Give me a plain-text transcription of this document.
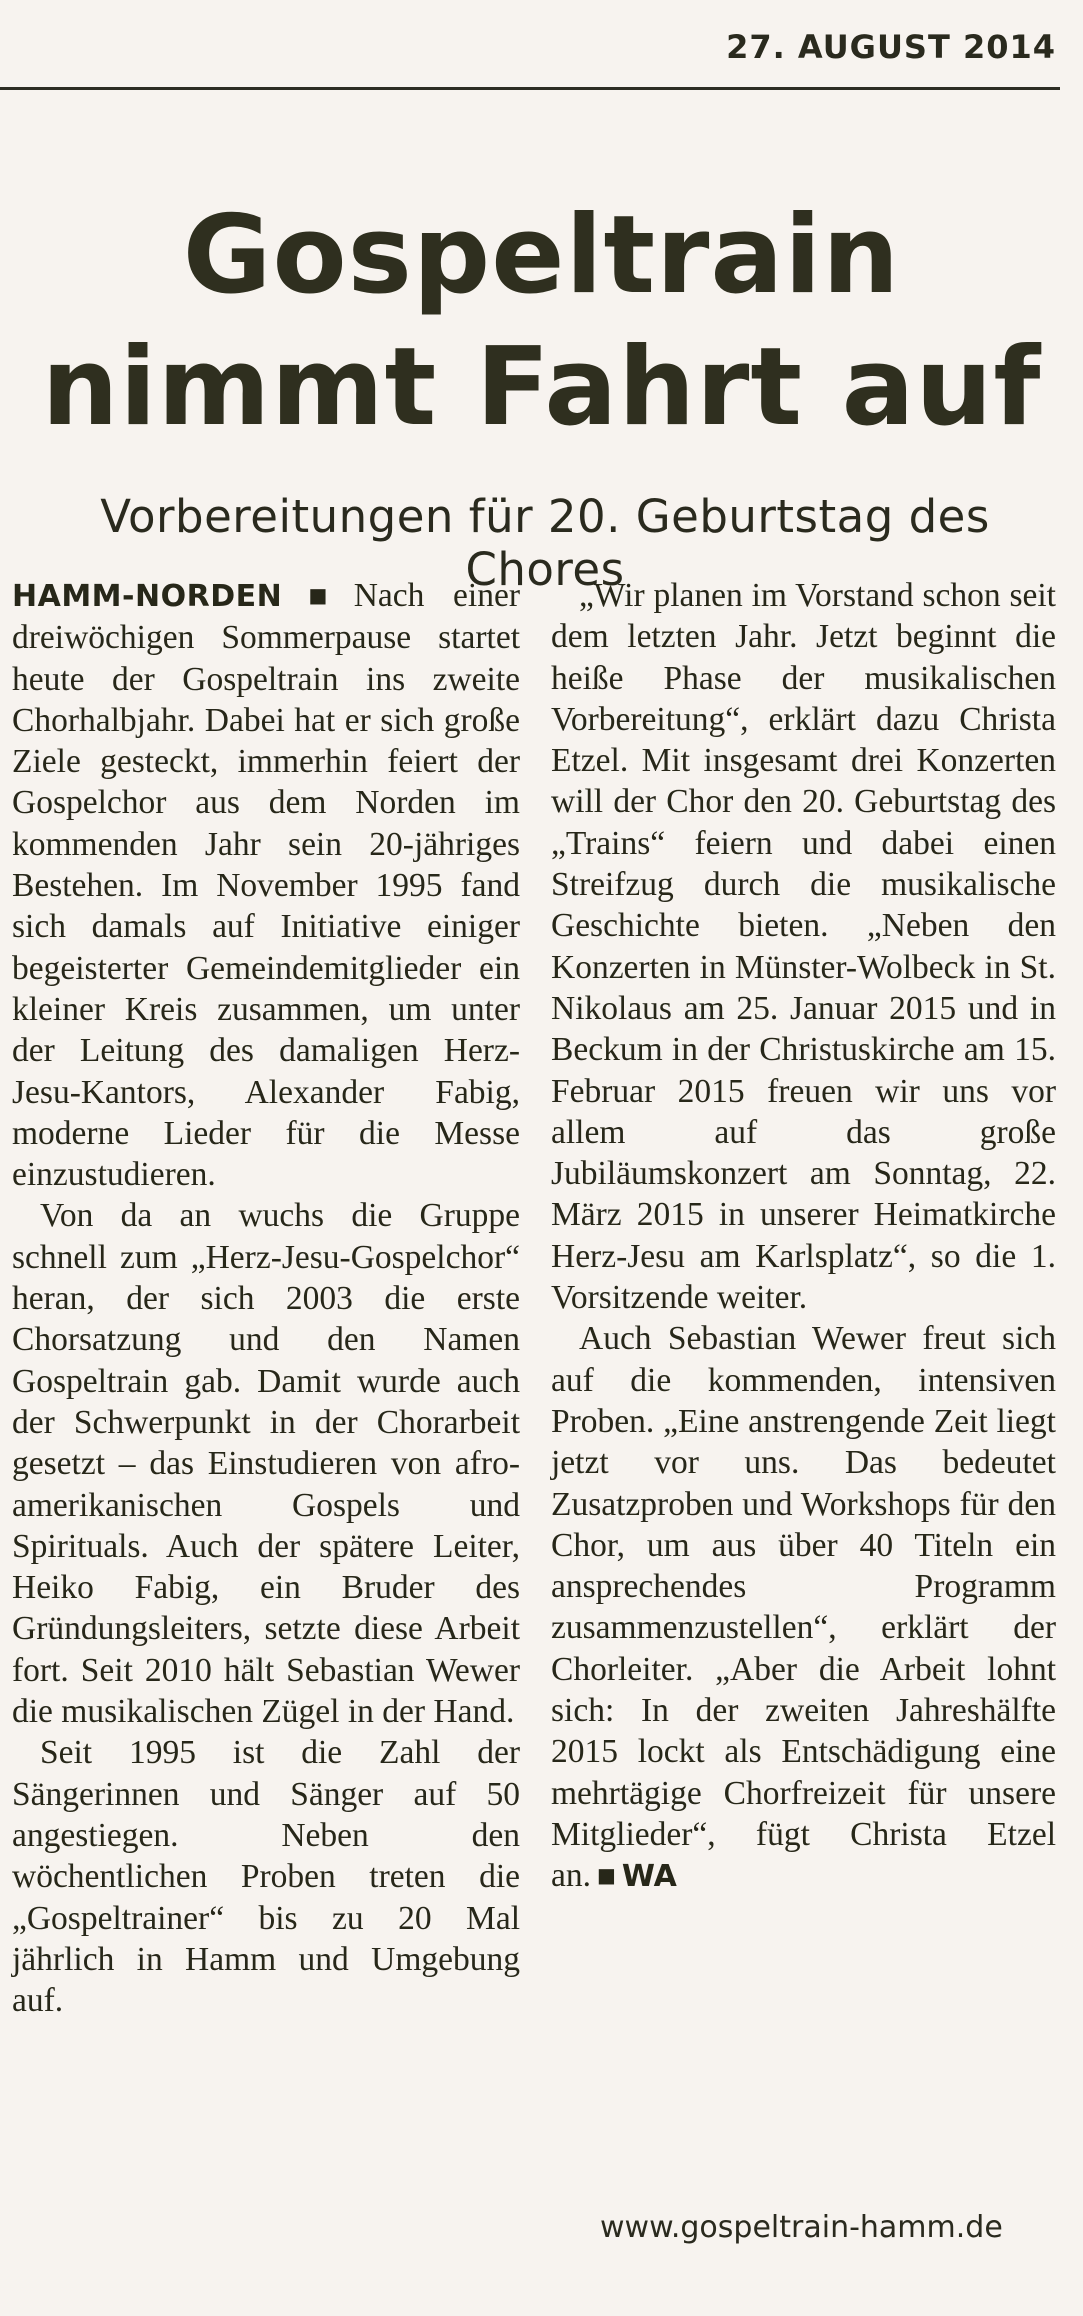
27. AUGUST 2014
Gospeltrain
nimmt Fahrt auf
Vorbereitungen für 20. Geburtstag des Chores

HAMM-NORDEN ■ Nach einer dreiwöchigen Sommerpause startet heute der Gospeltrain ins zweite Chorhalbjahr. Dabei hat er sich große Ziele gesteckt, immerhin feiert der Gospelchor aus dem Norden im kommenden Jahr sein 20-jähriges Bestehen. Im November 1995 fand sich damals auf Initiative einiger begeisterter Gemeindemitglieder ein kleiner Kreis zusammen, um unter der Leitung des damaligen Herz-Jesu-Kantors, Alexander Fabig, moderne Lieder für die Messe einzustudieren.

Von da an wuchs die Gruppe schnell zum „Herz-Jesu-Gospelchor“ heran, der sich 2003 die erste Chorsatzung und den Namen Gospeltrain gab. Damit wurde auch der Schwerpunkt in der Chorarbeit gesetzt – das Einstudieren von afro-amerikanischen Gospels und Spirituals. Auch der spätere Leiter, Heiko Fabig, ein Bruder des Gründungsleiters, setzte diese Arbeit fort. Seit 2010 hält Sebastian Wewer die musikalischen Zügel in der Hand.

Seit 1995 ist die Zahl der Sängerinnen und Sänger auf 50 angestiegen. Neben den wöchentlichen Proben treten die „Gospeltrainer“ bis zu 20 Mal jährlich in Hamm und Umgebung auf.

„Wir planen im Vorstand schon seit dem letzten Jahr. Jetzt beginnt die heiße Phase der musikalischen Vorbereitung“, erklärt dazu Christa Etzel. Mit insgesamt drei Konzerten will der Chor den 20. Geburtstag des „Trains“ feiern und dabei einen Streifzug durch die musikalische Geschichte bieten. „Neben den Konzerten in Münster-Wolbeck in St. Nikolaus am 25. Januar 2015 und in Beckum in der Christuskirche am 15. Februar 2015 freuen wir uns vor allem auf das große Jubiläumskonzert am Sonntag, 22. März 2015 in unserer Heimatkirche Herz-Jesu am Karlsplatz“, so die 1. Vorsitzende weiter.

Auch Sebastian Wewer freut sich auf die kommenden, intensiven Proben. „Eine anstrengende Zeit liegt jetzt vor uns. Das bedeutet Zusatzproben und Workshops für den Chor, um aus über 40 Titeln ein ansprechendes Programm zusammenzustellen“, erklärt der Chorleiter. „Aber die Arbeit lohnt sich: In der zweiten Jahreshälfte 2015 lockt als Entschädigung eine mehrtägige Chorfreizeit für unsere Mitglieder“, fügt Christa Etzel an. ■ WA

www.gospeltrain-hamm.de
